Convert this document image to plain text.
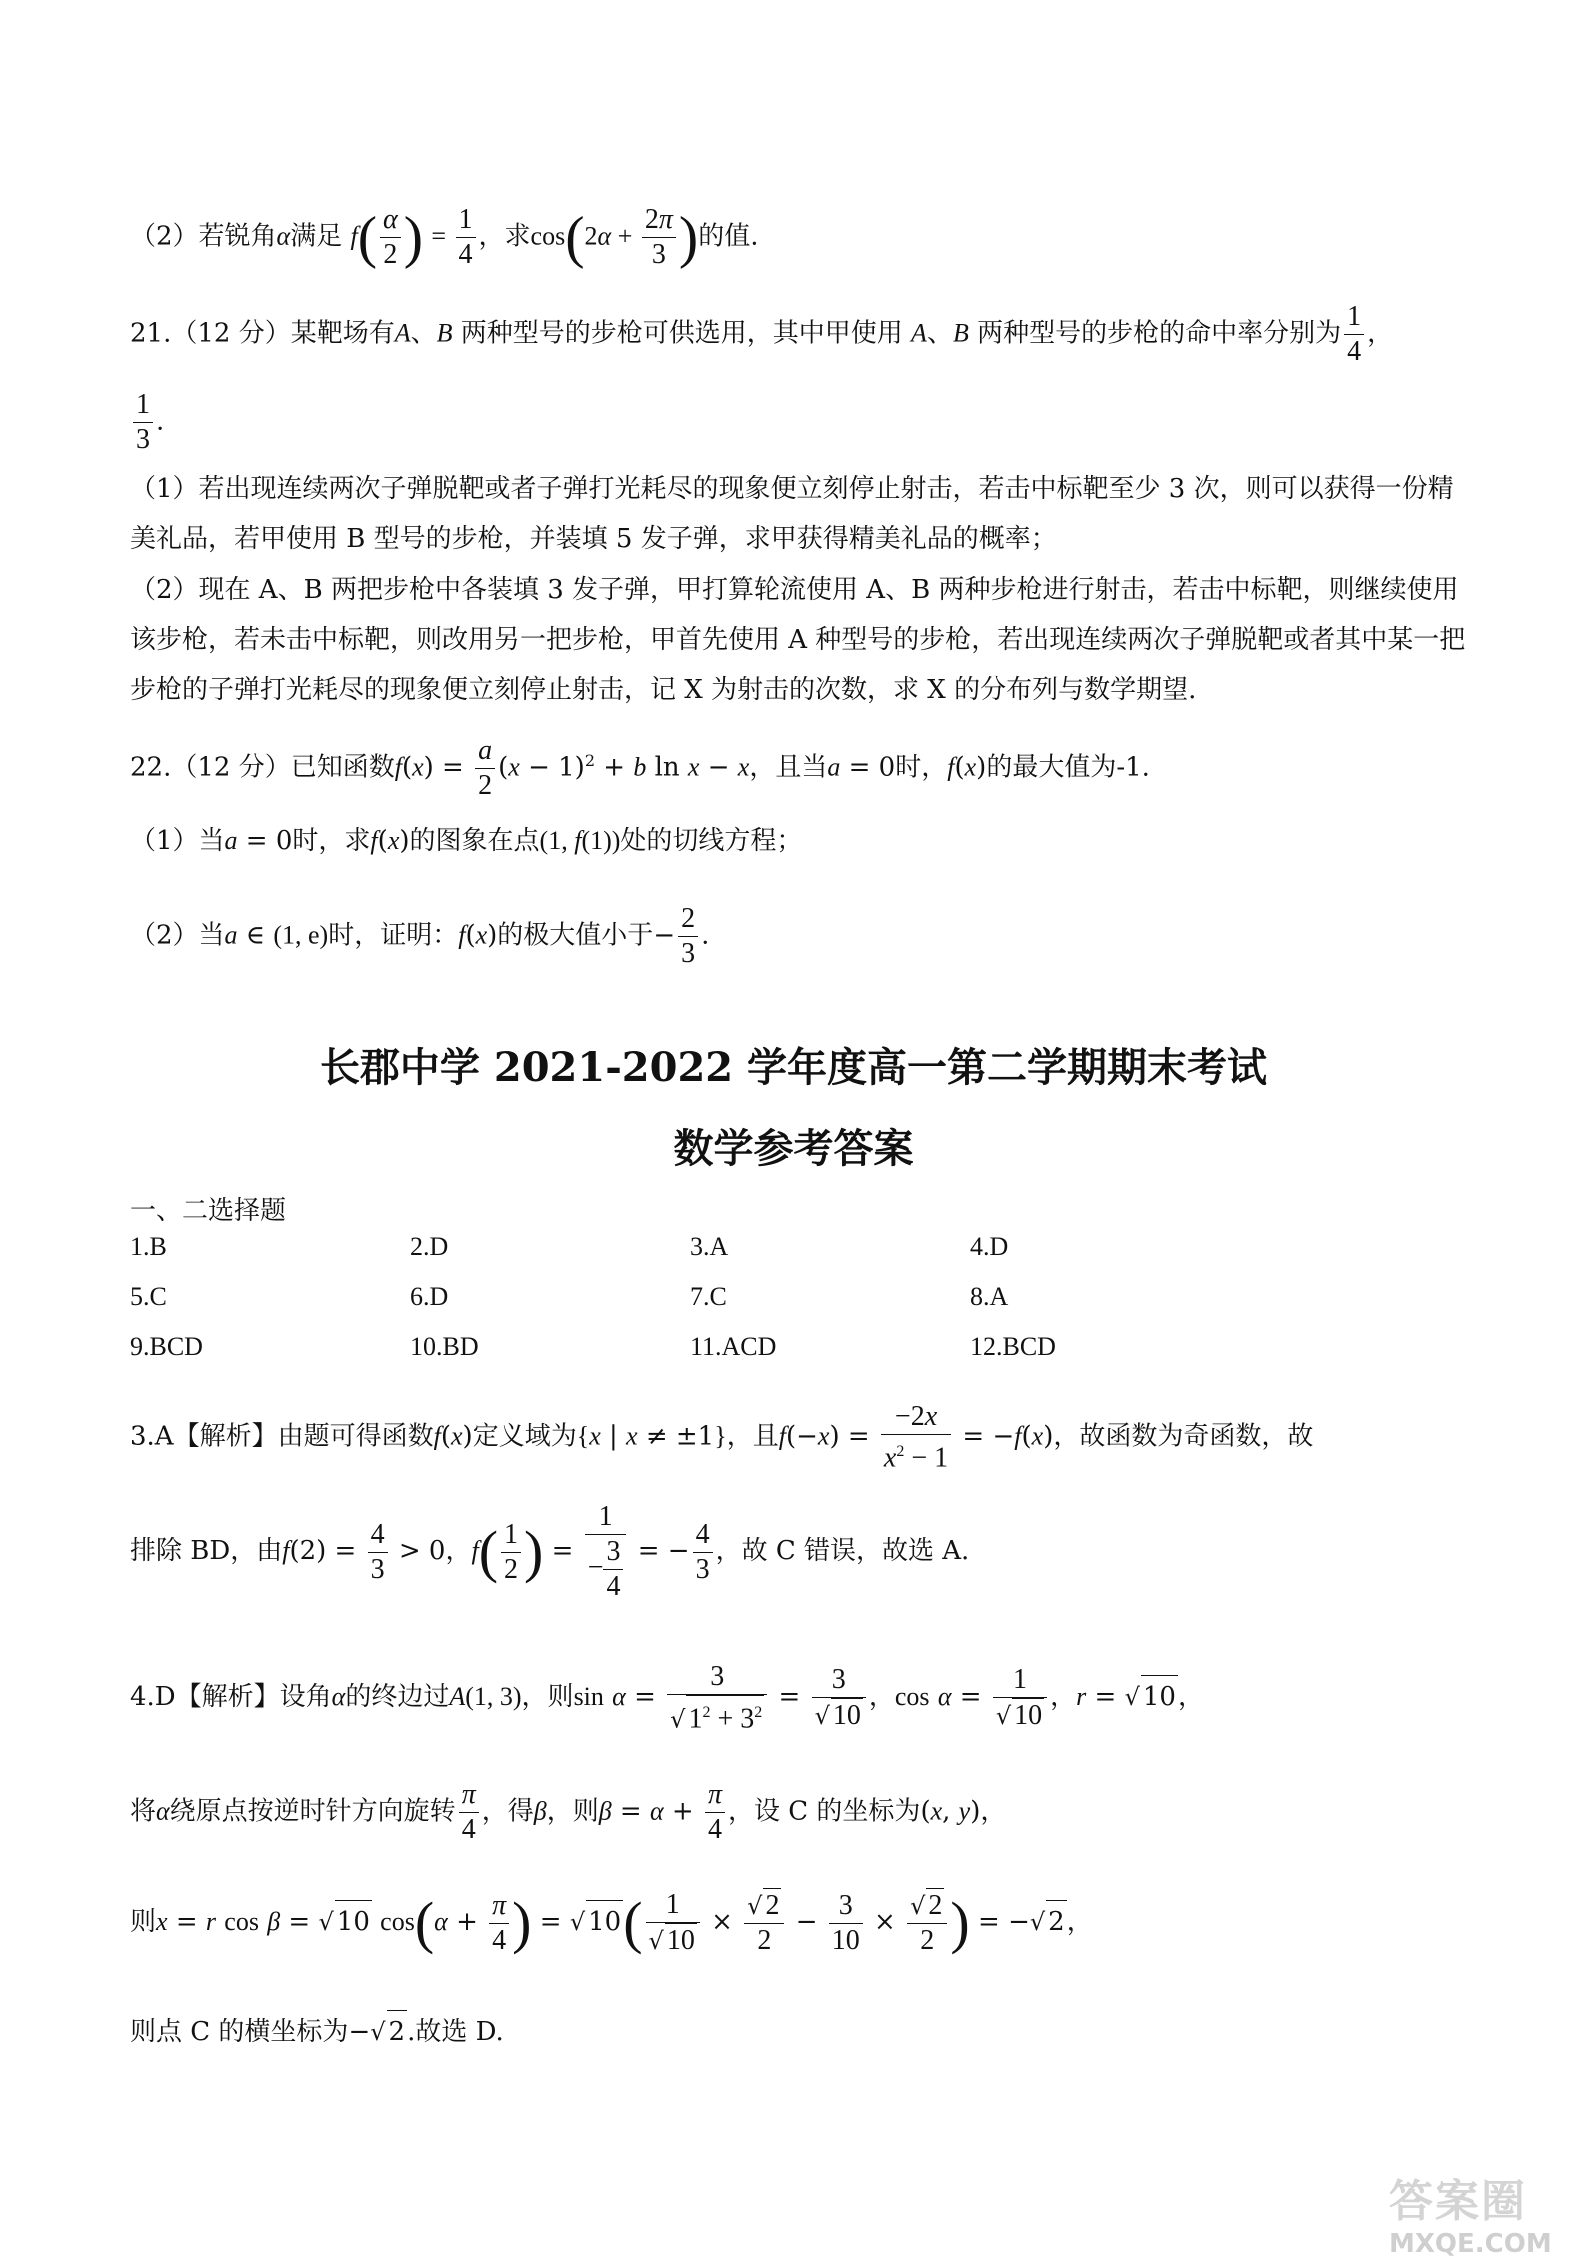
（2）若锐角α满足 $f( \frac{\alpha}{2}$ ) = $\frac{1}{4}$ ，求$\cos(2\alpha + \frac{2\pi}{3}$ )的值.
21.（12 分）某靶场有A、B 两种型号的步枪可供选用，其中甲使用 A、B 两种型号的步枪的命中率分别为 $\frac{1}{4}$ ，
$\frac{1}{3}$ .
（1）若出现连续两次子弹脱靶或者子弹打光耗尽的现象便立刻停止射击，若击中标靶至少 3 次，则可以获得一份精美礼品，若甲使用 B 型号的步枪，并装填 5 发子弹，求甲获得精美礼品的概率；
（2）现在 A、B 两把步枪中各装填 3 发子弹，甲打算轮流使用 A、B 两种步枪进行射击，若击中标靶，则继续使用该步枪，若未击中标靶，则改用另一把步枪，甲首先使用 A 种型号的步枪，若出现连续两次子弹脱靶或者其中某一把步枪的子弹打光耗尽的现象便立刻停止射击，记 X 为射击的次数，求 X 的分布列与数学期望.
22.（12 分）已知函数$f(x) = \frac{a}{2} (x - 1)^2 + b$ ln x − x，且当a = 0时，f(x)的最大值为-1.
（1）当a = 0时，求f(x)的图象在点(1, f(1))处的切线方程；
（2）当a ∈ (1, e)时，证明：f(x)的极大值小于− $\frac{2}{3}$ .
长郡中学 2021-2022 学年度高一第二学期期末考试
数学参考答案
一、二选择题
1.B	2.D	3.A	4.D
5.C	6.D	7.C	8.A
9.BCD	10.BD	11.ACD	12.BCD
3.A【解析】由题可得函数f(x)定义域为{x | x ≠ ±1}，且$f(-x) = \frac{-2x}{x^2 - 1} = -f(x)$，故函数为奇函数，故
排除 BD，由$f(2) = \frac{4}{3} > 0$，$f( \frac{1}{2}$ ) = $\frac{1}{- \frac{3}{4}}$ = − $\frac{4}{3}$ ，故 C 错误，故选 A.
4.D【解析】设角α的终边过A(1, 3)，则$\sin \alpha = \frac{3}{√ 1^2 + 3^2} = \frac{3}{√ 10}$ ，$\cos \alpha = \frac{1}{√ 10}$ ，r = √ 10，
将α绕原点按逆时针方向旋转 $\frac{\pi}{4}$ ，得β，则$\beta = \alpha + \frac{\pi}{4}$ ，设 C 的坐标为(x, y)，
则x = r cos β = √ 10 $\cos(\alpha + \frac{\pi}{4}$ ) = √ $10( \frac{1}{√ 10} \times \frac{√ 2}{2} - \frac{3}{10} \times \frac{√ 2}{2}$ ) = −√ 2，
则点 C 的横坐标为−√ 2.故选 D.
答案圈
MXQE.COM
